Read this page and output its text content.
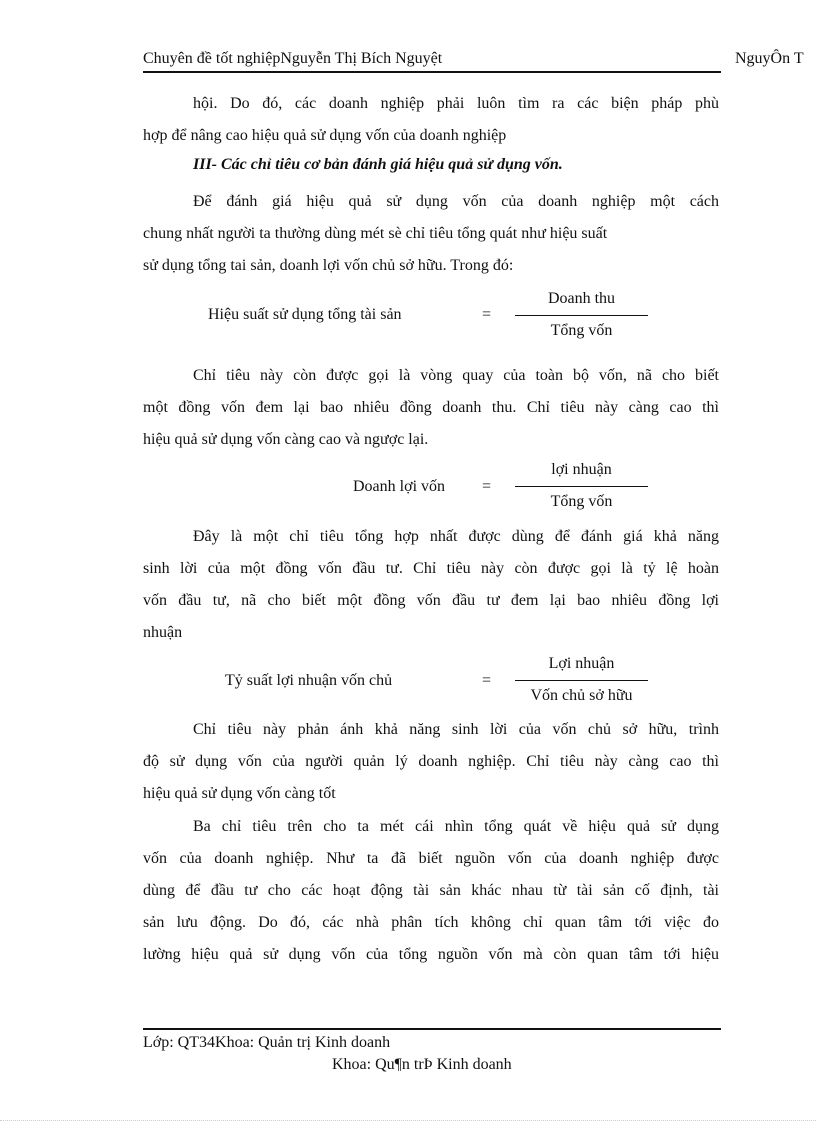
Chuyên đề tốt nghiệpNguyễn Thị Bích Nguyệt	NguyÔn T
hội. Do đó, các doanh nghiệp phải luôn tìm ra các biện pháp phù
hợp để nâng cao hiệu quả sử dụng vốn của doanh nghiệp
III- Các chỉ tiêu cơ bản đánh giá hiệu quả sử dụng vốn.
Để đánh giá hiệu quả sử dụng vốn của doanh nghiệp một cách
chung nhất người ta thường dùng mét sè chỉ tiêu tổng quát như hiệu suất
sử dụng tổng tai sản, doanh lợi vốn chủ sở hữu. Trong đó:
Hiệu suất sử dụng tổng tài sản	=
Doanh thu
Tổng vốn
Chỉ tiêu này còn được gọi là vòng quay của toàn bộ vốn, nã cho biết
một đồng vốn đem lại bao nhiêu đồng doanh thu. Chỉ tiêu này càng cao thì
hiệu quả sử dụng vốn càng cao và ngược lại.
Doanh lợi vốn =
lợi nhuận
Tổng vốn
Đây là một chỉ tiêu tổng hợp nhất được dùng để đánh giá khả năng
sinh lời của một đồng vốn đầu tư. Chỉ tiêu này còn được gọi là tỷ lệ hoàn
vốn đầu tư, nã cho biết một đồng vốn đầu tư đem lại bao nhiêu đồng lợi
nhuận
Tỷ suất lợi nhuận vốn chủ	=
Lợi nhuận
Vốn chủ sở hữu
Chỉ tiêu này phản ánh khả năng sinh lời của vốn chủ sở hữu, trình
độ sử dụng vốn của người quản lý doanh nghiệp. Chỉ tiêu này càng cao thì
hiệu quả sử dụng vốn càng tốt
Ba chỉ tiêu trên cho ta mét cái nhìn tổng quát về hiệu quả sử dụng
vốn của doanh nghiệp. Như ta đã biết nguồn vốn của doanh nghiệp được
dùng để đầu tư cho các hoạt động tài sản khác nhau từ tài sản cố định, tài
sản lưu động. Do đó, các nhà phân tích không chỉ quan tâm tới việc đo
lường hiệu quả sử dụng vốn của tổng nguồn vốn mà còn quan tâm tới hiệu
Lớp: QT34Khoa: Quản trị Kinh doanh
Khoa: Qu¶n trÞ Kinh doanh
